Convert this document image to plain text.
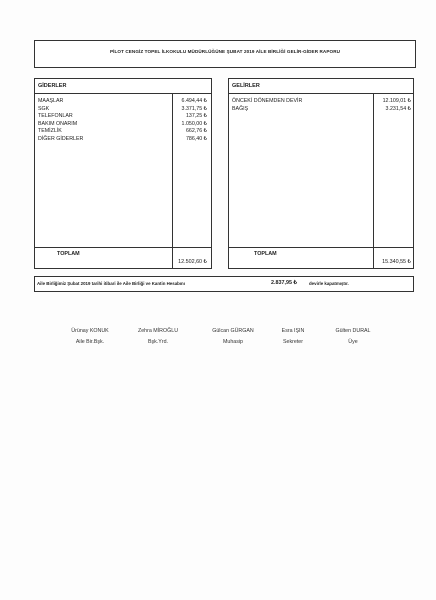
PİLOT CENGİZ TOPEL İLKOKULU MÜDÜRLÜĞÜNE ŞUBAT 2019 AİLE BİRLİĞİ GELİR-GİDER RAPORU
GİDERLER
MAAŞLAR	6.494,44 ₺
SGK	3.371,75 ₺
TELEFONLAR	137,25 ₺
BAKIM ONARIM	1.050,00 ₺
TEMİZLİK	662,76 ₺
DİĞER GİDERLER	786,40 ₺
TOPLAM
12.502,60 ₺
GELİRLER
ÖNCEKİ DÖNEMDEN DEVİR	12.109,01 ₺
BAĞIŞ	3.231,54 ₺
TOPLAM
15.340,55 ₺
Aile Birliğimiz Şubat 2019 tarihi itibari ile Aile Birliği ve Kantin Hesabını	2.837,95 ₺	devirle kapatmıştır.
Ürünay KONUK
Aile Bir.Bşk.
Zehra MİROĞLU
Bşk.Yrd.
Gülcan GÜRGAN
Muhasip
Esra IŞIN
Sekreter
Gülten DURAL
Üye
